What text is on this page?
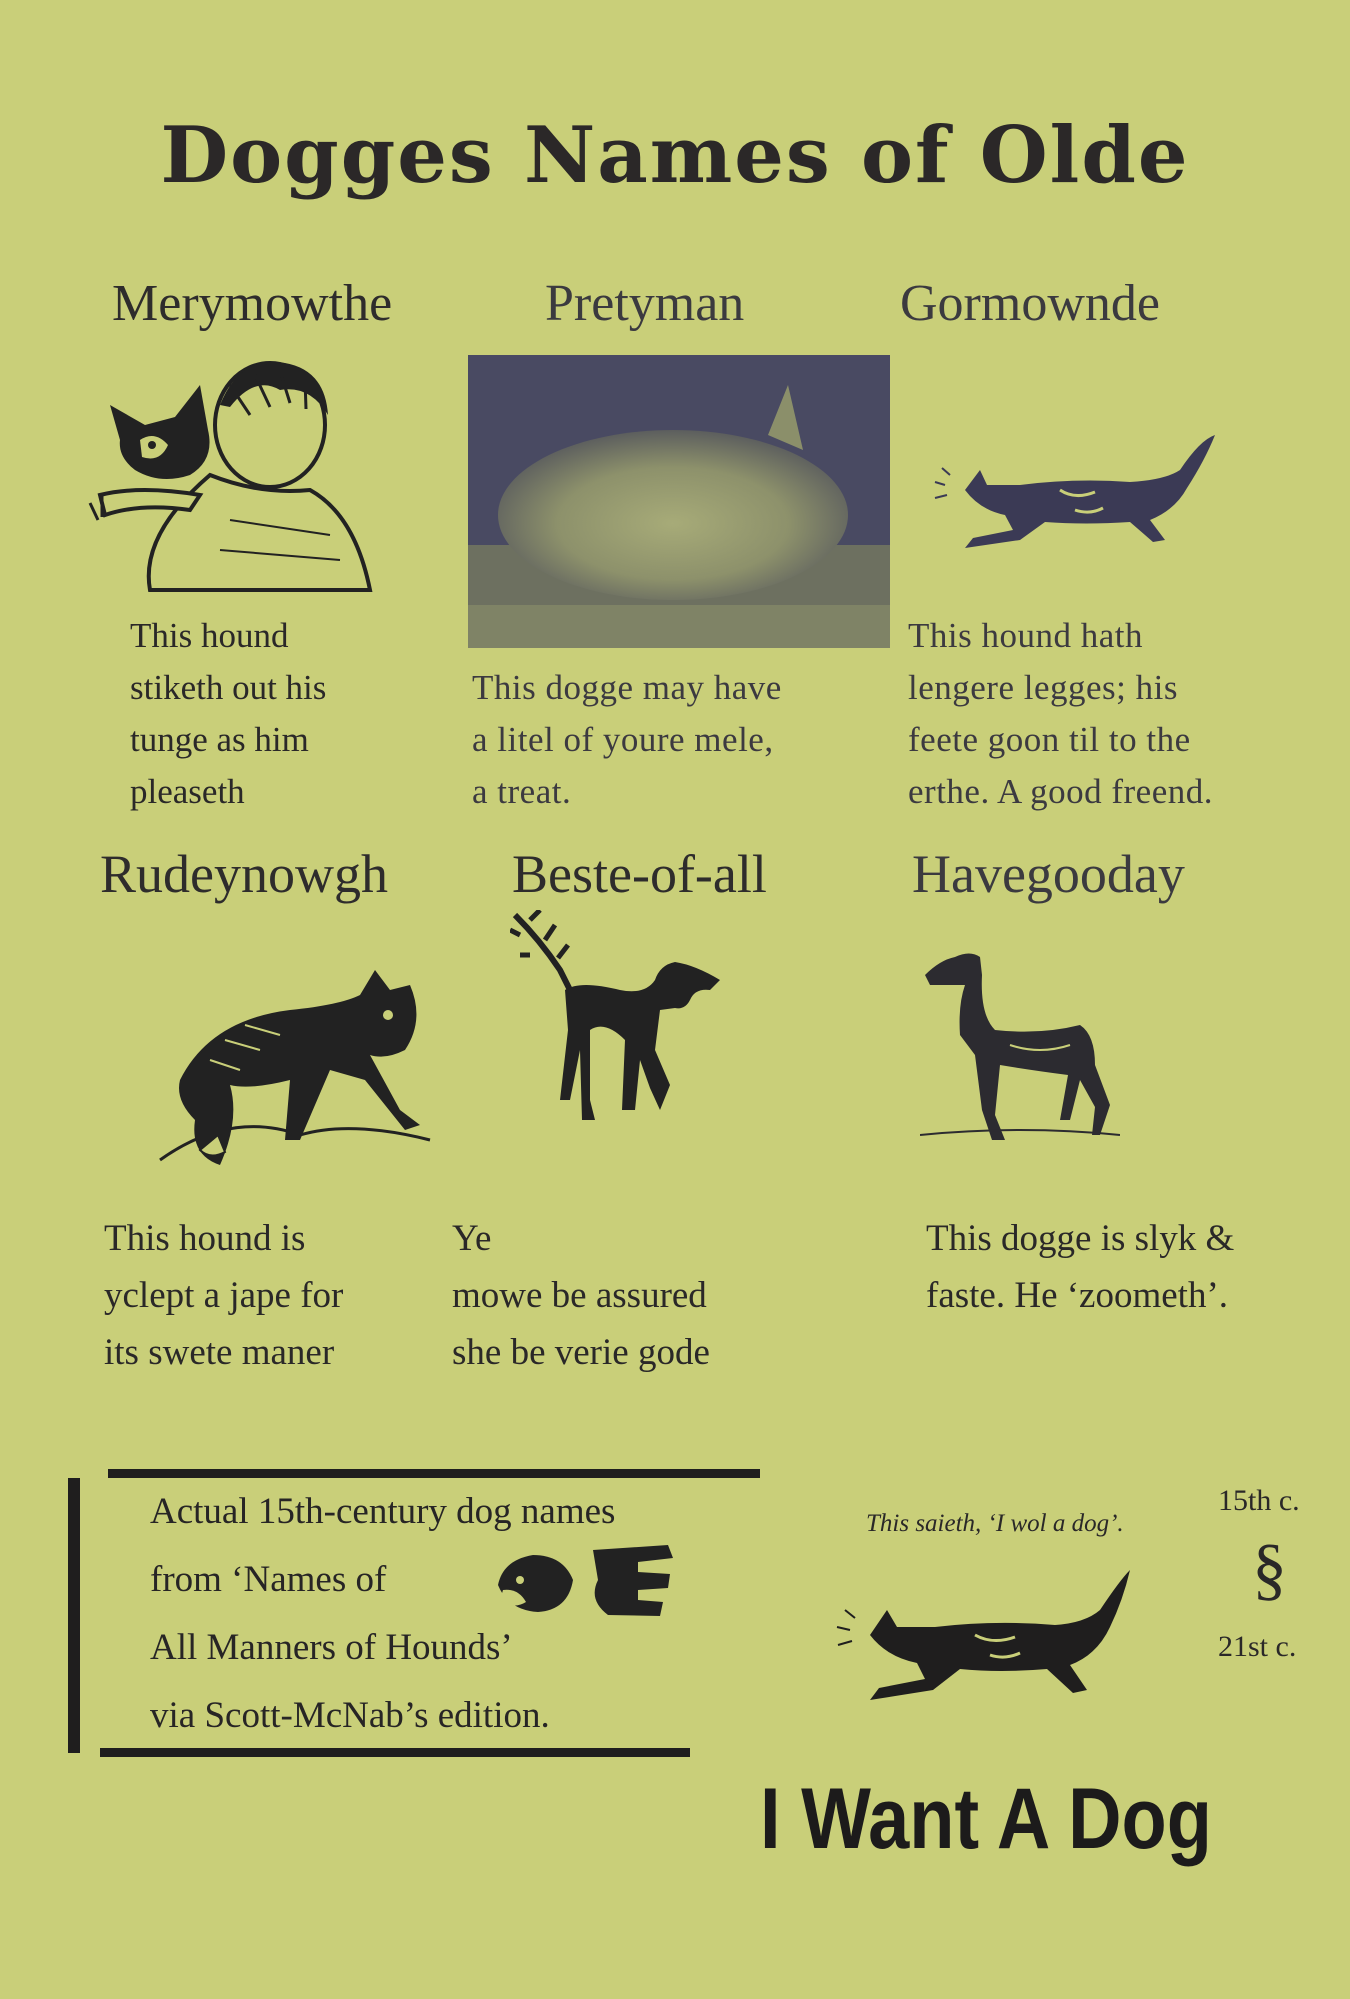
Dogges Names of Olde
Merymowthe	Pretyman	Gormownde
This hound
stiketh out his
tunge as him
pleaseth
This dogge may have
a litel of youre mele,
a treat.
This hound hath
lengere legges; his
feete goon til to the
erthe. A good freend.
Rudeynowgh Beste-of-all	Havegooday
This hound is
yclept a jape for
its swete maner
Ye
mowe be assured
she be verie gode
This dogge is slyk &
faste. He ‘zoometh’.
Actual 15th-century dog names
from ‘Names of
All Manners of Hounds’
via Scott-McNab’s edition.
This saieth, ‘I wol a dog’.
15th c.
§
21st c.
I Want A Dog
